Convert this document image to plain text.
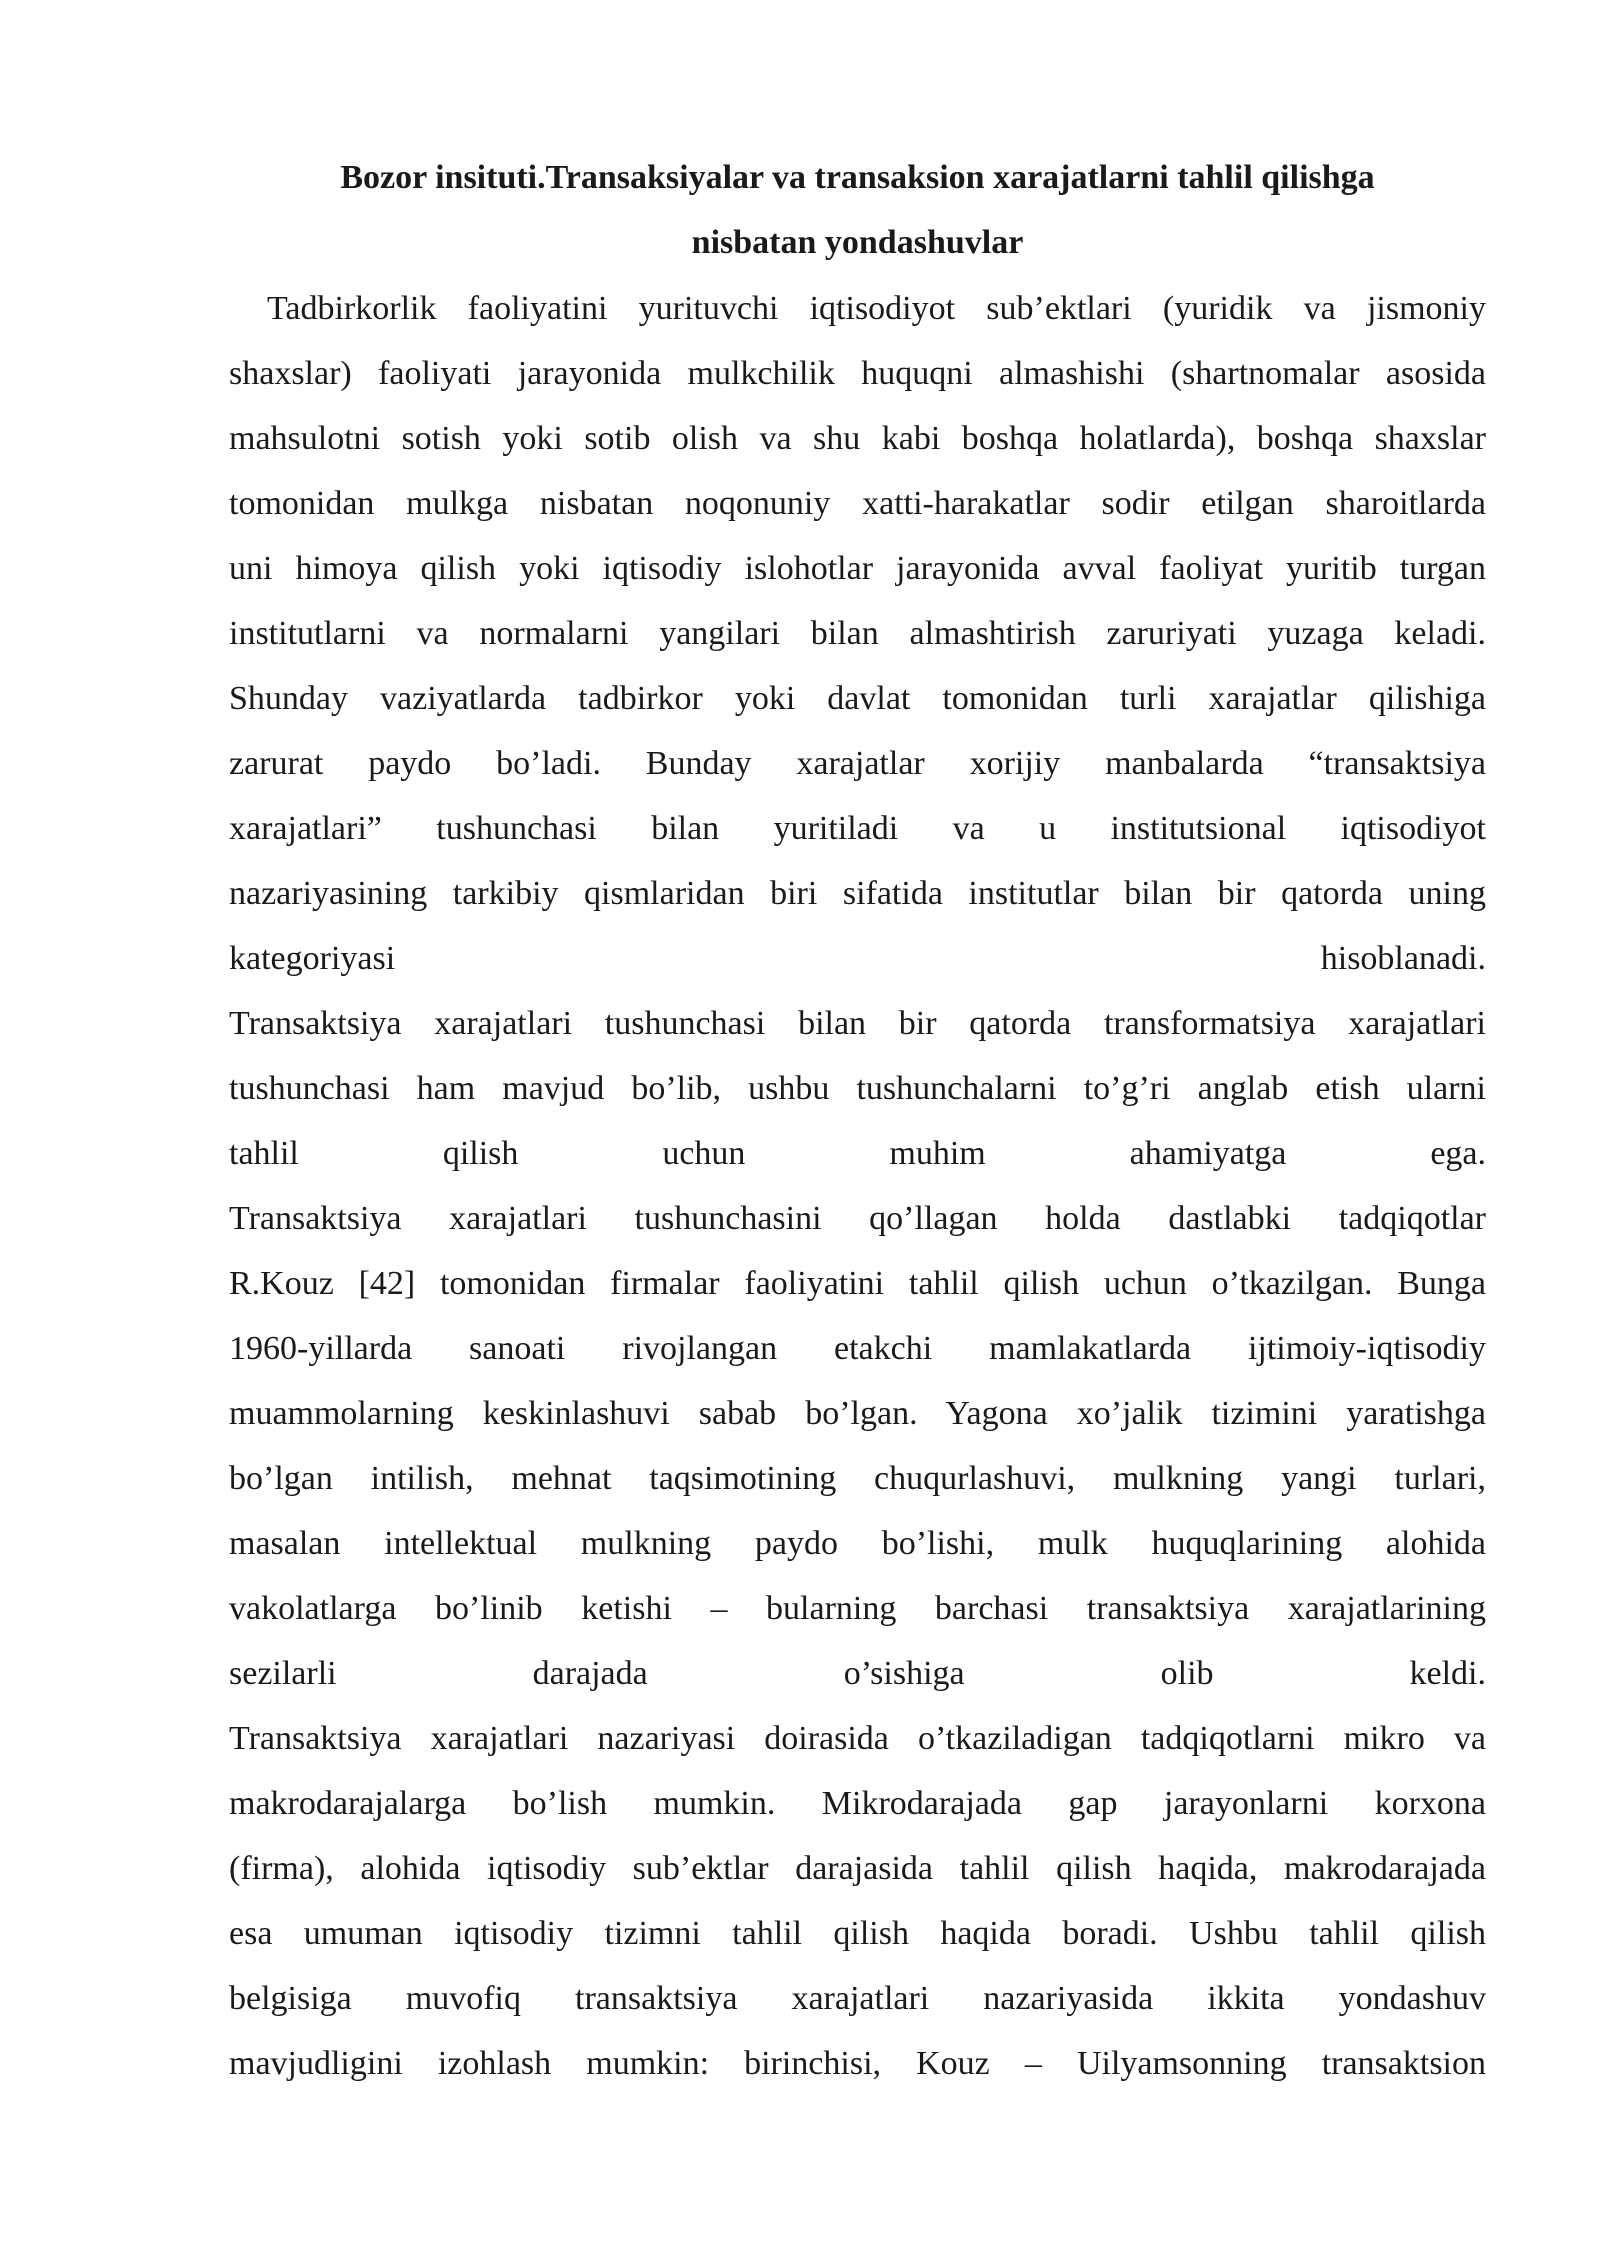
Bozor insituti.Transaksiyalar va transaksion xarajatlarni tahlil qilishga
nisbatan yondashuvlar
Tadbirkorlik faoliyatini yurituvchi iqtisodiyot sub’ektlari (yuridik va jismoniy
shaxslar) faoliyati jarayonida mulkchilik huquqni almashishi (shartnomalar asosida
mahsulotni sotish yoki sotib olish va shu kabi boshqa holatlarda), boshqa shaxslar
tomonidan mulkga nisbatan noqonuniy xatti-harakatlar sodir etilgan sharoitlarda
uni himoya qilish yoki iqtisodiy islohotlar jarayonida avval faoliyat yuritib turgan
institutlarni va normalarni yangilari bilan almashtirish zaruriyati yuzaga keladi.
Shunday vaziyatlarda tadbirkor yoki davlat tomonidan turli xarajatlar qilishiga
zarurat paydo bo’ladi. Bunday xarajatlar xorijiy manbalarda “transaktsiya
xarajatlari” tushunchasi bilan yuritiladi va u institutsional iqtisodiyot
nazariyasining tarkibiy qismlaridan biri sifatida institutlar bilan bir qatorda uning
kategoriyasi hisoblanadi.
Transaktsiya xarajatlari tushunchasi bilan bir qatorda transformatsiya xarajatlari
tushunchasi ham mavjud bo’lib, ushbu tushunchalarni to’g’ri anglab etish ularni
tahlil qilish uchun muhim ahamiyatga ega.
Transaktsiya xarajatlari tushunchasini qo’llagan holda dastlabki tadqiqotlar
R.Kouz [42] tomonidan firmalar faoliyatini tahlil qilish uchun o’tkazilgan. Bunga
1960-yillarda sanoati rivojlangan etakchi mamlakatlarda ijtimoiy-iqtisodiy
muammolarning keskinlashuvi sabab bo’lgan. Yagona xo’jalik tizimini yaratishga
bo’lgan intilish, mehnat taqsimotining chuqurlashuvi, mulkning yangi turlari,
masalan intellektual mulkning paydo bo’lishi, mulk huquqlarining alohida
vakolatlarga bo’linib ketishi – bularning barchasi transaktsiya xarajatlarining
sezilarli darajada o’sishiga olib keldi.
Transaktsiya xarajatlari nazariyasi doirasida o’tkaziladigan tadqiqotlarni mikro va
makrodarajalarga bo’lish mumkin. Mikrodarajada gap jarayonlarni korxona
(firma), alohida iqtisodiy sub’ektlar darajasida tahlil qilish haqida, makrodarajada
esa umuman iqtisodiy tizimni tahlil qilish haqida boradi. Ushbu tahlil qilish
belgisiga muvofiq transaktsiya xarajatlari nazariyasida ikkita yondashuv
mavjudligini izohlash mumkin: birinchisi, Kouz – Uilyamsonning transaktsion
